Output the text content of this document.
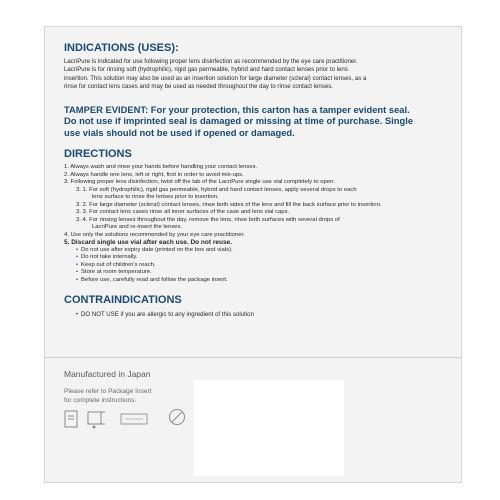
INDICATIONS (USES):

LacriPure is indicated for use following proper lens disinfection as recommended by the eye care practitioner.

LacriPure is for rinsing soft (hydrophilic), rigid gas permeable, hybrid and hard contact lenses prior to lens

insertion. This solution may also be used as an insertion solution for large diameter (scleral) contact lenses, as a

rinse for contact lens cases and may be used as needed throughout the day to rinse contact lenses.

TAMPER EVIDENT: For your protection, this carton has a tamper evident seal.

Do not use if imprinted seal is damaged or missing at time of purchase. Single

use vials should not be used if opened or damaged.

DIRECTIONS

1. Always wash and rinse your hands before handling your contact lenses.
2. Always handle one lens, left or right, first in order to avoid mix-ups.
3. Following proper lens disinfection, twist off the tab of the LacriPure single use vial completely to open.
3. 1. For soft (hydrophilic), rigid gas permeable, hybrid and hard contact lenses, apply several drops to each
lens surface to rinse the lenses prior to insertion.
3. 2. For large diameter (scleral) contact lenses, rinse both sides of the lens and fill the back surface prior to insertion.
3. 3. For contact lens cases rinse all inner surfaces of the case and lens vial caps.
3. 4. For rinsing lenses throughout the day, remove the lens, rinse both surfaces with several drops of
LacriPure and re-insert the lenses.
4. Use only the solutions recommended by your eye care practitioner.
5. Discard single use vial after each use. Do not reuse.
• Do not use after expiry date (printed on the box and vials).
• Do not take internally.
• Keep out of children's reach.
• Store at room temperature.
• Before use, carefully read and follow the package insert.

CONTRAINDICATIONS

• DO NOT USE if you are allergic to any ingredient of this solution

Manufactured in Japan
Please refer to Package Insert
for complete instructions.
